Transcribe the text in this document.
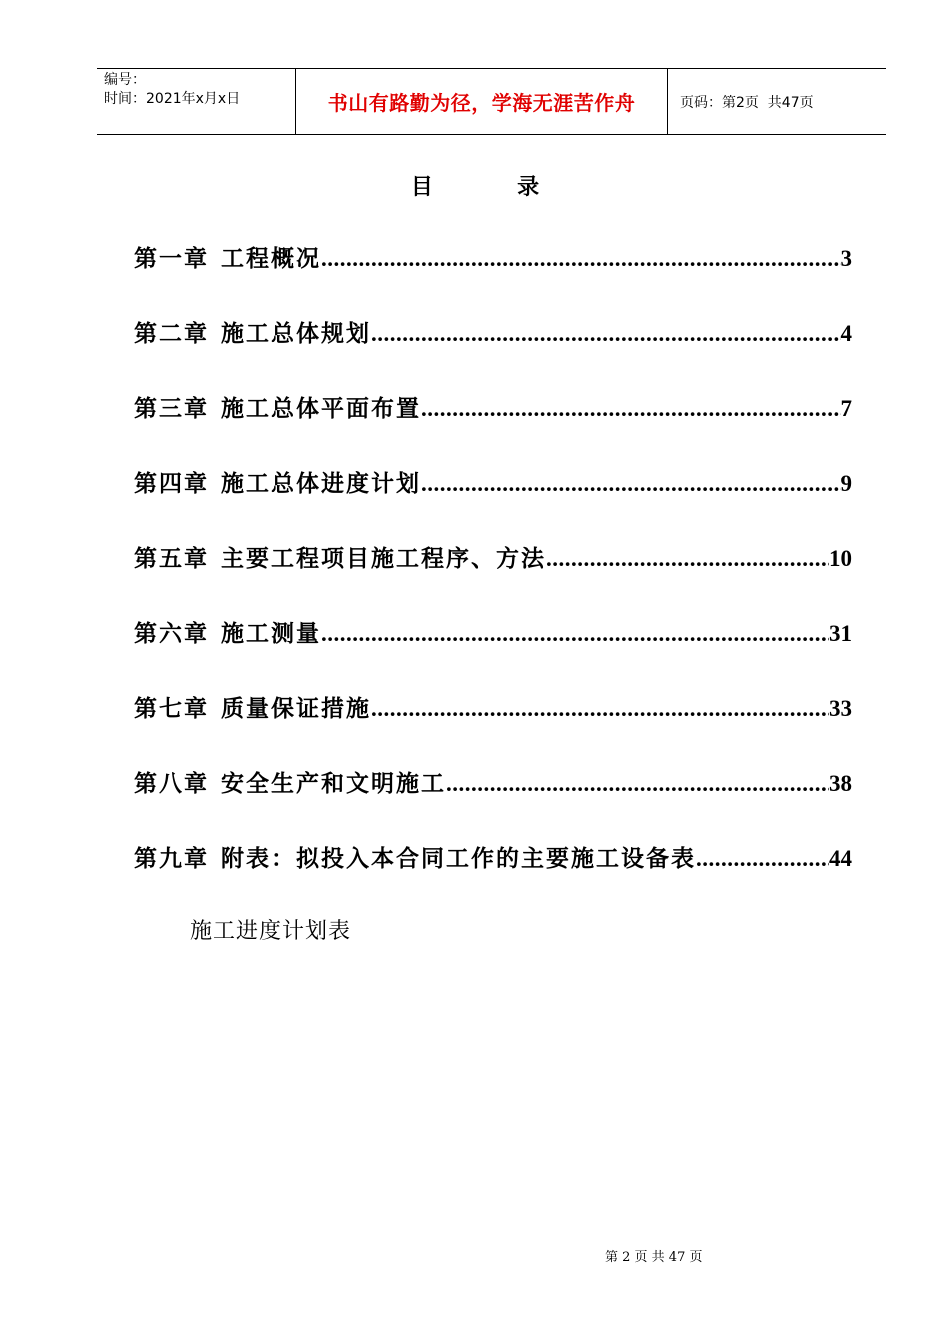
编号：
时间：2021年x月x日	书山有路勤为径，学海无涯苦作舟	页码：第2页  共47页
目	录
第一章 工程概况 .....	3
第二章 施工总体规划 .....	4
第三章 施工总体平面布置 .....	7
第四章 施工总体进度计划 .....	9
第五章 主要工程项目施工程序、方法 .....	10
第六章 施工测量 .....	31
第七章 质量保证措施 .....	33
第八章 安全生产和文明施工 .....	38
第九章 附表：拟投入本合同工作的主要施工设备表 .....	44
施工进度计划表
第 2 页 共 47 页
